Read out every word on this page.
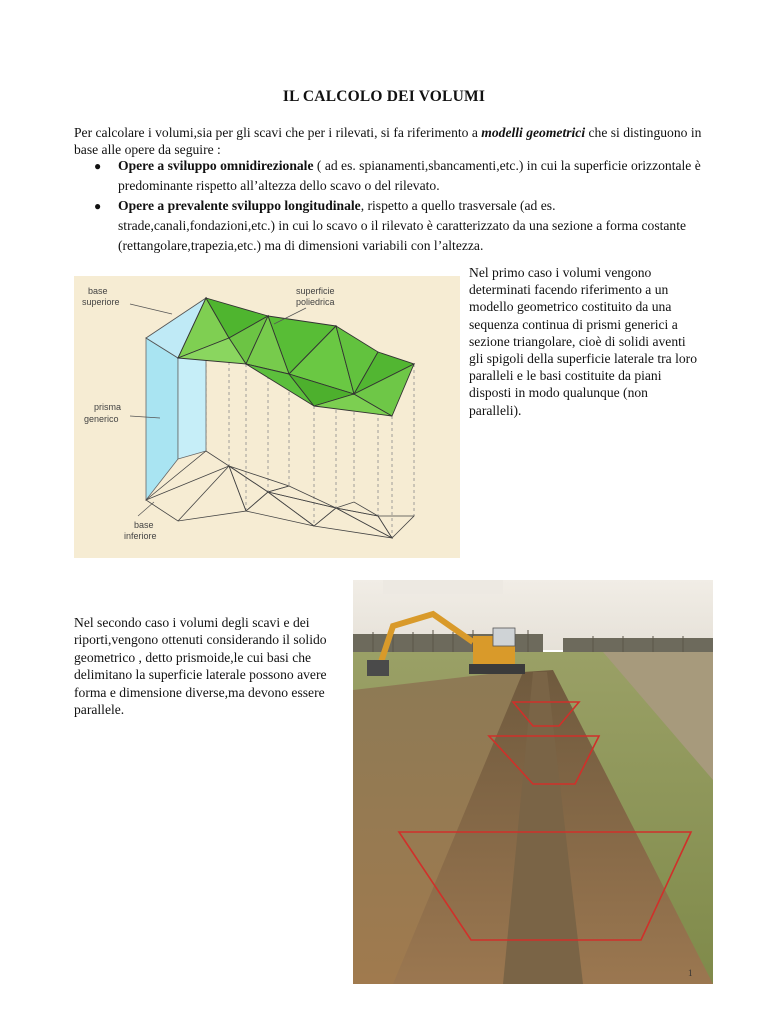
IL CALCOLO DEI VOLUMI
Per calcolare i volumi,sia per gli scavi che per i rilevati, si fa riferimento a modelli geometrici che si distinguono in base alle opere da seguire :
● Opere a sviluppo omnidirezionale ( ad es. spianamenti,sbancamenti,etc.) in cui la superficie orizzontale è predominante rispetto all’altezza dello scavo o del rilevato.
● Opere a prevalente sviluppo longitudinale, rispetto a quello trasversale (ad es. strade,canali,fondazioni,etc.) in cui lo scavo o il rilevato è caratterizzato da una sezione a forma costante (rettangolare,trapezia,etc.) ma di dimensioni variabili con l’altezza.
base
superiore
superficie
poliedrica
prisma
generico
base
inferiore
Nel primo caso i volumi vengono determinati facendo riferimento a un modello geometrico costituito da una sequenza continua di prismi generici a sezione triangolare, cioè di solidi aventi gli spigoli della superficie laterale tra loro paralleli e le basi costituite da piani disposti in modo qualunque (non paralleli).
Nel secondo caso i volumi degli scavi e dei riporti,vengono ottenuti considerando il solido geometrico , detto prismoide,le cui basi che delimitano la superficie laterale possono avere forma e dimensione diverse,ma devono essere parallele.
1
